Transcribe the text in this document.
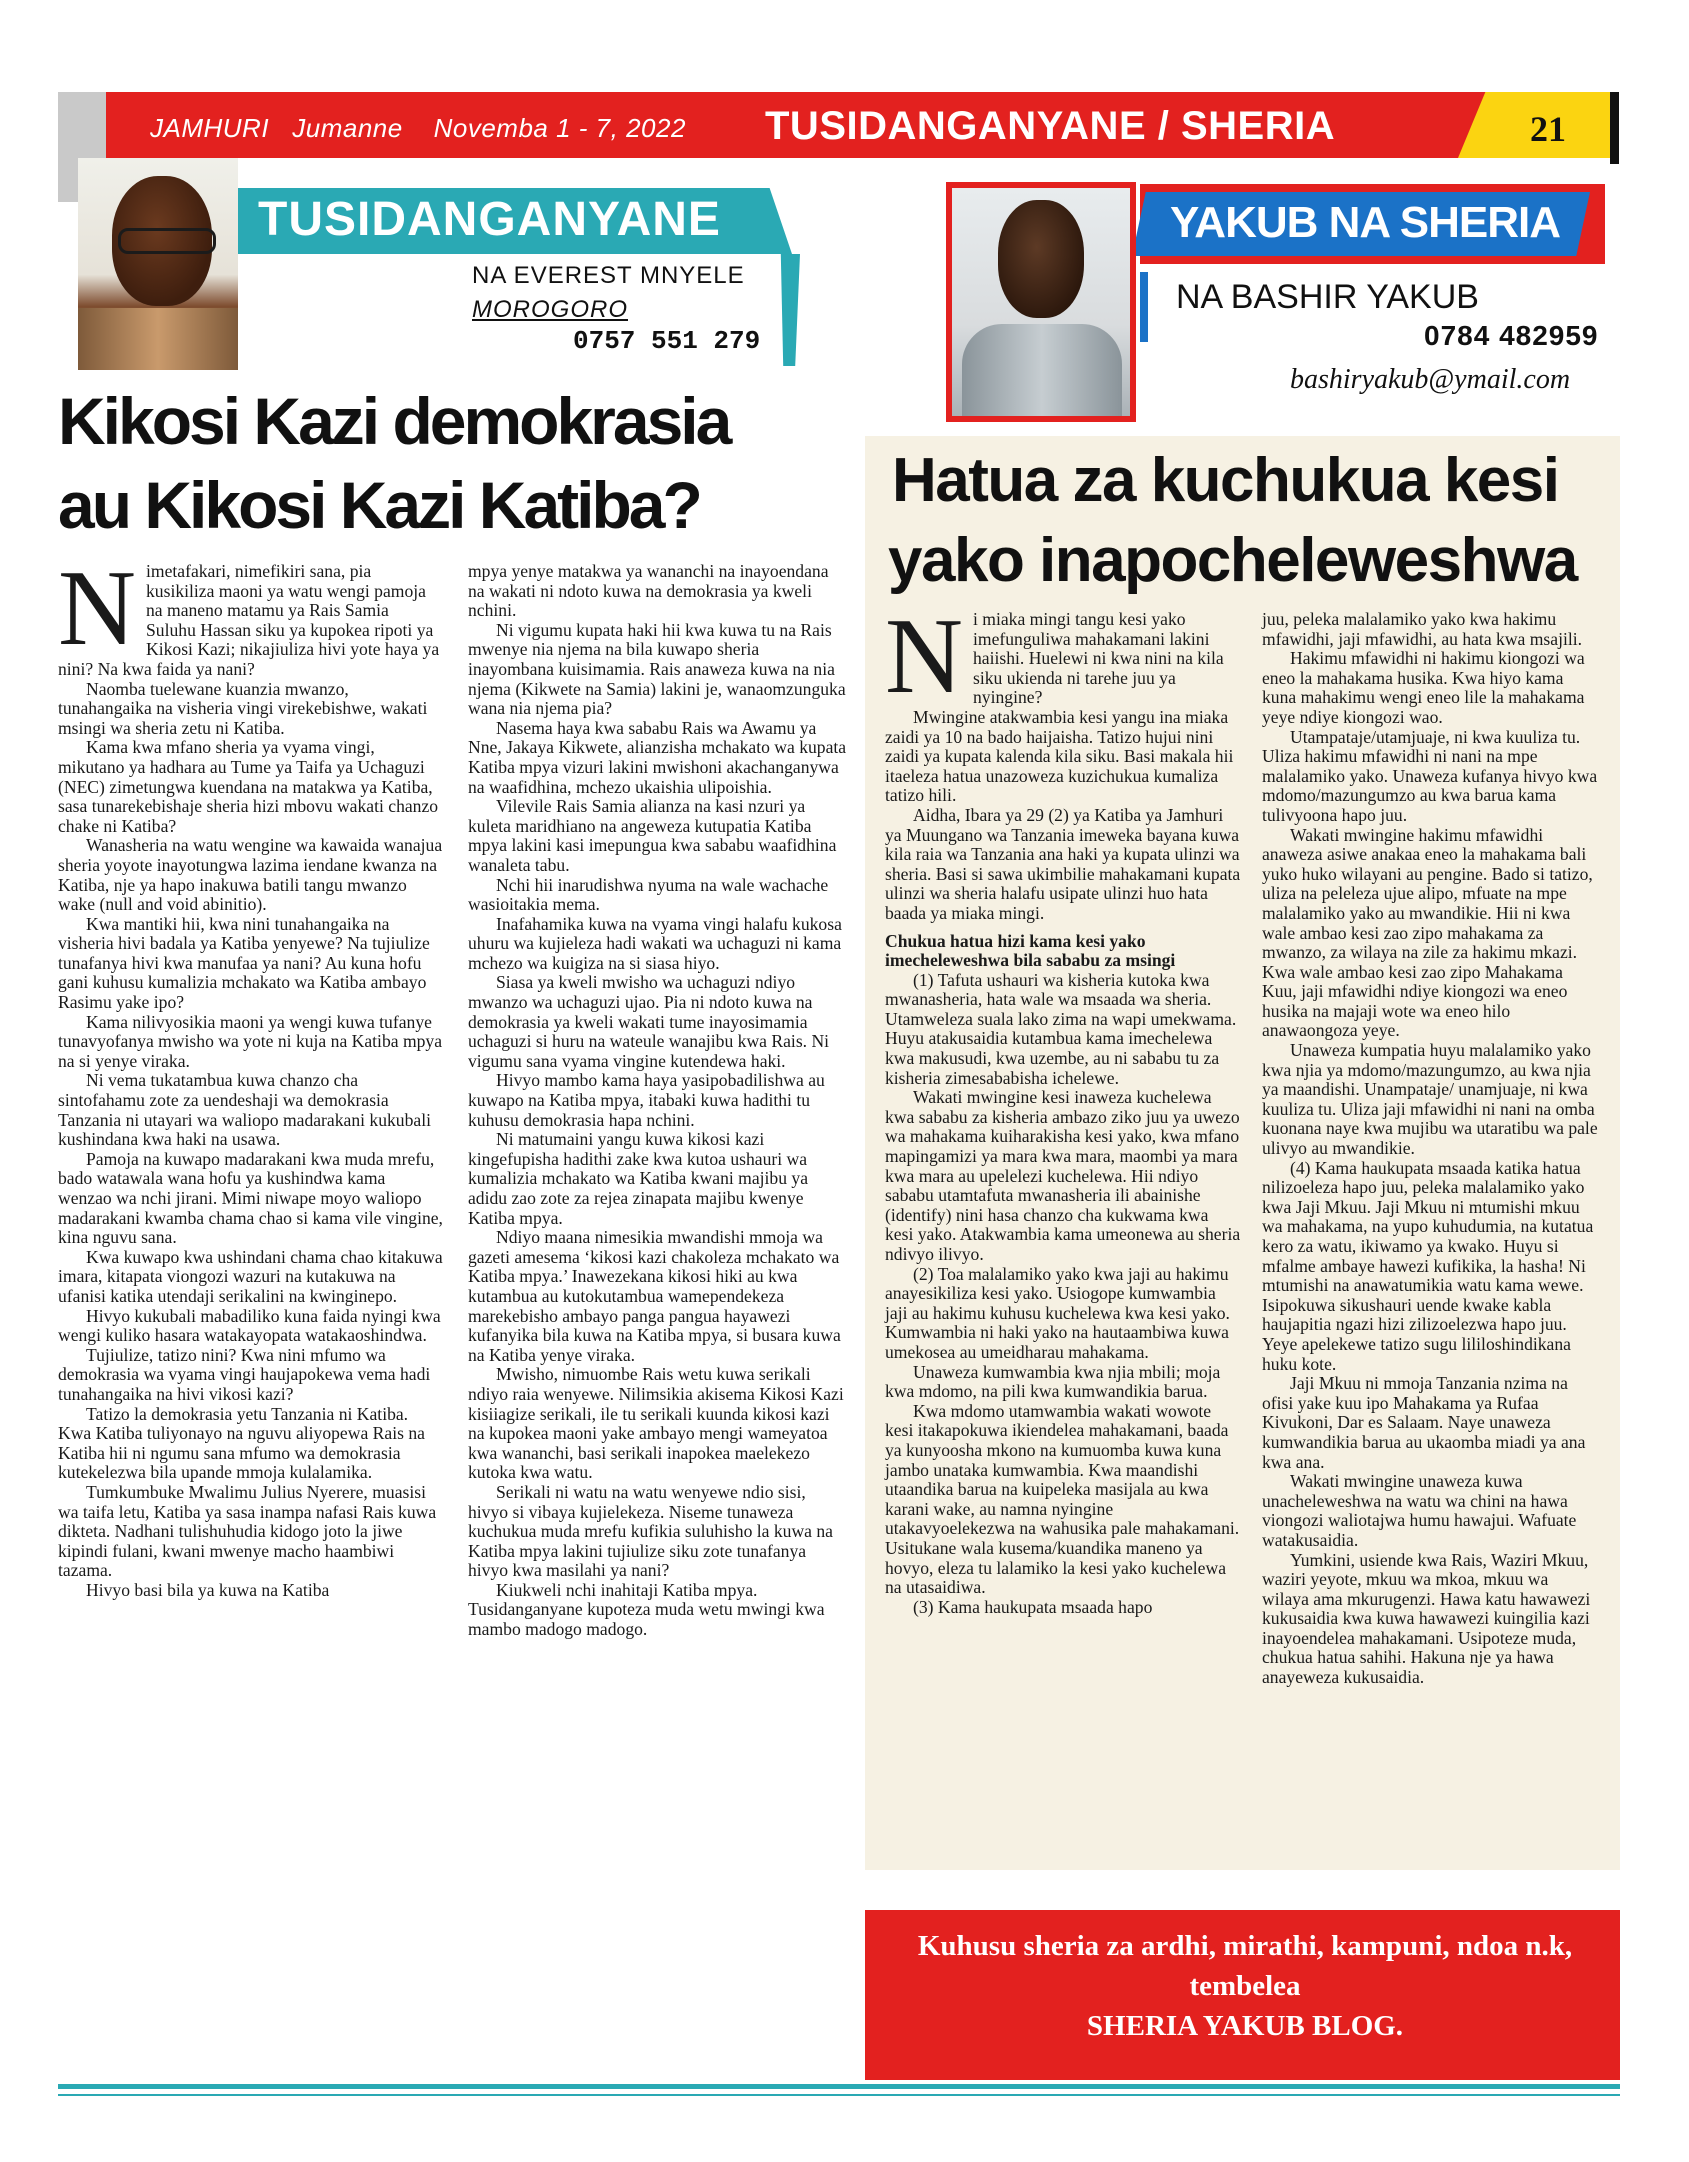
JAMHURI Jumanne Novemba 1 - 7, 2022 TUSIDANGANYANE / SHERIA	21
TUSIDANGANYANE
NA EVEREST MNYELE
MOROGORO
0757 551 279
Kikosi Kazi demokrasia
au Kikosi Kazi Katiba?

Nimetafakari, nimefikiri sana, pia kusikiliza maoni ya watu wengi pamoja na maneno matamu ya Rais Samia Suluhu Hassan siku ya kupokea ripoti ya Kikosi Kazi; nikajiuliza hivi yote haya ya nini? Na kwa faida ya nani?

Naomba tuelewane kuanzia mwanzo, tunahangaika na visheria vingi virekebishwe, wakati msingi wa sheria zetu ni Katiba.

Kama kwa mfano sheria ya vyama vingi, mikutano ya hadhara au Tume ya Taifa ya Uchaguzi (NEC) zimetungwa kuendana na matakwa ya Katiba, sasa tunarekebishaje sheria hizi mbovu wakati chanzo chake ni Katiba?

Wanasheria na watu wengine wa kawaida wanajua sheria yoyote inayotungwa lazima iendane kwanza na Katiba, nje ya hapo inakuwa batili tangu mwanzo wake (null and void abinitio).

Kwa mantiki hii, kwa nini tunahangaika na visheria hivi badala ya Katiba yenyewe? Na tujiulize tunafanya hivi kwa manufaa ya nani? Au kuna hofu gani kuhusu kumalizia mchakato wa Katiba ambayo Rasimu yake ipo?

Kama nilivyosikia maoni ya wengi kuwa tufanye tunavyofanya mwisho wa yote ni kuja na Katiba mpya na si yenye viraka.

Ni vema tukatambua kuwa chanzo cha sintofahamu zote za uendeshaji wa demokrasia Tanzania ni utayari wa waliopo madarakani kukubali kushindana kwa haki na usawa.

Pamoja na kuwapo madarakani kwa muda mrefu, bado watawala wana hofu ya kushindwa kama wenzao wa nchi jirani. Mimi niwape moyo waliopo madarakani kwamba chama chao si kama vile vingine, kina nguvu sana.

Kwa kuwapo kwa ushindani chama chao kitakuwa imara, kitapata viongozi wazuri na kutakuwa na ufanisi katika utendaji serikalini na kwinginepo.

Hivyo kukubali mabadiliko kuna faida nyingi kwa wengi kuliko hasara watakayopata watakaoshindwa.

Tujiulize, tatizo nini? Kwa nini mfumo wa demokrasia wa vyama vingi haujapokewa vema hadi tunahangaika na hivi vikosi kazi?

Tatizo la demokrasia yetu Tanzania ni Katiba. Kwa Katiba tuliyonayo na nguvu aliyopewa Rais na Katiba hii ni ngumu sana mfumo wa demokrasia kutekelezwa bila upande mmoja kulalamika.

Tumkumbuke Mwalimu Julius Nyerere, muasisi wa taifa letu, Katiba ya sasa inampa nafasi Rais kuwa dikteta. Nadhani tulishuhudia kidogo joto la jiwe kipindi fulani, kwani mwenye macho haambiwi tazama.

Hivyo basi bila ya kuwa na Katiba

mpya yenye matakwa ya wananchi na inayoendana na wakati ni ndoto kuwa na demokrasia ya kweli nchini.

Ni vigumu kupata haki hii kwa kuwa tu na Rais mwenye nia njema na bila kuwapo sheria inayombana kuisimamia. Rais anaweza kuwa na nia njema (Kikwete na Samia) lakini je, wanaomzunguka wana nia njema pia?

Nasema haya kwa sababu Rais wa Awamu ya Nne, Jakaya Kikwete, alianzisha mchakato wa kupata Katiba mpya vizuri lakini mwishoni akachanganywa na waafidhina, mchezo ukaishia ulipoishia.

Vilevile Rais Samia alianza na kasi nzuri ya kuleta maridhiano na angeweza kutupatia Katiba mpya lakini kasi imepungua kwa sababu waafidhina wanaleta tabu.

Nchi hii inarudishwa nyuma na wale wachache wasioitakia mema.

Inafahamika kuwa na vyama vingi halafu kukosa uhuru wa kujieleza hadi wakati wa uchaguzi ni kama mchezo wa kuigiza na si siasa hiyo.

Siasa ya kweli mwisho wa uchaguzi ndiyo mwanzo wa uchaguzi ujao. Pia ni ndoto kuwa na demokrasia ya kweli wakati tume inayosimamia uchaguzi si huru na wateule wanajibu kwa Rais. Ni vigumu sana vyama vingine kutendewa haki.

Hivyo mambo kama haya yasipobadilishwa au kuwapo na Katiba mpya, itabaki kuwa hadithi tu kuhusu demokrasia hapa nchini.

Ni matumaini yangu kuwa kikosi kazi kingefupisha hadithi zake kwa kutoa ushauri wa kumalizia mchakato wa Katiba kwani majibu ya adidu zao zote za rejea zinapata majibu kwenye Katiba mpya.

Ndiyo maana nimesikia mwandishi mmoja wa gazeti amesema ‘kikosi kazi chakoleza mchakato wa Katiba mpya.’ Inawezekana kikosi hiki au kwa kutambua au kutokutambua wamependekeza marekebisho ambayo panga pangua hayawezi kufanyika bila kuwa na Katiba mpya, si busara kuwa na Katiba yenye viraka.

Mwisho, nimuombe Rais wetu kuwa serikali ndiyo raia wenyewe. Nilimsikia akisema Kikosi Kazi kisiiagize serikali, ile tu serikali kuunda kikosi kazi na kupokea maoni yake ambayo mengi wameyatoa kwa wananchi, basi serikali inapokea maelekezo kutoka kwa watu.

Serikali ni watu na watu wenyewe ndio sisi, hivyo si vibaya kujielekeza. Niseme tunaweza kuchukua muda mrefu kufikia suluhisho la kuwa na Katiba mpya lakini tujiulize siku zote tunafanya hivyo kwa masilahi ya nani?

Kiukweli nchi inahitaji Katiba mpya. Tusidanganyane kupoteza muda wetu mwingi kwa mambo madogo madogo.

YAKUB NA SHERIA
NA BASHIR YAKUB
0784 482959
bashiryakub@ymail.com
Hatua za kuchukua kesi
yako inapocheleweshwa

Ni miaka mingi tangu kesi yako imefunguliwa mahakamani lakini haiishi. Huelewi ni kwa nini na kila siku ukienda ni tarehe juu ya nyingine?

Mwingine atakwambia kesi yangu ina miaka zaidi ya 10 na bado haijaisha. Tatizo hujui nini zaidi ya kupata kalenda kila siku. Basi makala hii itaeleza hatua unazoweza kuzichukua kumaliza tatizo hili.

Aidha, Ibara ya 29 (2) ya Katiba ya Jamhuri ya Muungano wa Tanzania imeweka bayana kuwa kila raia wa Tanzania ana haki ya kupata ulinzi wa sheria. Basi si sawa ukimbilie mahakamani kupata ulinzi wa sheria halafu usipate ulinzi huo hata baada ya miaka mingi.

Chukua hatua hizi kama kesi yako imecheleweshwa bila sababu za msingi

(1) Tafuta ushauri wa kisheria kutoka kwa mwanasheria, hata wale wa msaada wa sheria. Utamweleza suala lako zima na wapi umekwama. Huyu atakusaidia kutambua kama imechelewa kwa makusudi, kwa uzembe, au ni sababu tu za kisheria zimesababisha ichelewe.

Wakati mwingine kesi inaweza kuchelewa kwa sababu za kisheria ambazo ziko juu ya uwezo wa mahakama kuiharakisha kesi yako, kwa mfano mapingamizi ya mara kwa mara, maombi ya mara kwa mara au upelelezi kuchelewa. Hii ndiyo sababu utamtafuta mwanasheria ili abainishe (identify) nini hasa chanzo cha kukwama kwa kesi yako. Atakwambia kama umeonewa au sheria ndivyo ilivyo.

(2) Toa malalamiko yako kwa jaji au hakimu anayesikiliza kesi yako. Usiogope kumwambia jaji au hakimu kuhusu kuchelewa kwa kesi yako. Kumwambia ni haki yako na hautaambiwa kuwa umekosea au umeidharau mahakama.

Unaweza kumwambia kwa njia mbili; moja kwa mdomo, na pili kwa kumwandikia barua.

Kwa mdomo utamwambia wakati wowote kesi itakapokuwa ikiendelea mahakamani, baada ya kunyoosha mkono na kumuomba kuwa kuna jambo unataka kumwambia. Kwa maandishi utaandika barua na kuipeleka masijala au kwa karani wake, au namna nyingine utakavyoelekezwa na wahusika pale mahakamani. Usitukane wala kusema/kuandika maneno ya hovyo, eleza tu lalamiko la kesi yako kuchelewa na utasaidiwa.

(3) Kama haukupata msaada hapo

juu, peleka malalamiko yako kwa hakimu mfawidhi, jaji mfawidhi, au hata kwa msajili.

Hakimu mfawidhi ni hakimu kiongozi wa eneo la mahakama husika. Kwa hiyo kama kuna mahakimu wengi eneo lile la mahakama yeye ndiye kiongozi wao.

Utampataje/utamjuaje, ni kwa kuuliza tu. Uliza hakimu mfawidhi ni nani na mpe malalamiko yako. Unaweza kufanya hivyo kwa mdomo/mazungumzo au kwa barua kama tulivyoona hapo juu.

Wakati mwingine hakimu mfawidhi anaweza asiwe anakaa eneo la mahakama bali yuko huko wilayani au pengine. Bado si tatizo, uliza na peleleza ujue alipo, mfuate na mpe malalamiko yako au mwandikie. Hii ni kwa wale ambao kesi zao zipo mahakama za mwanzo, za wilaya na zile za hakimu mkazi. Kwa wale ambao kesi zao zipo Mahakama Kuu, jaji mfawidhi ndiye kiongozi wa eneo husika na majaji wote wa eneo hilo anawaongoza yeye.

Unaweza kumpatia huyu malalamiko yako kwa njia ya mdomo/mazungumzo, au kwa njia ya maandishi. Unampataje/ unamjuaje, ni kwa kuuliza tu. Uliza jaji mfawidhi ni nani na omba kuonana naye kwa mujibu wa utaratibu wa pale ulivyo au mwandikie.

(4) Kama haukupata msaada katika hatua nilizoeleza hapo juu, peleka malalamiko yako kwa Jaji Mkuu. Jaji Mkuu ni mtumishi mkuu wa mahakama, na yupo kuhudumia, na kutatua kero za watu, ikiwamo ya kwako. Huyu si mfalme ambaye hawezi kufikika, la hasha! Ni mtumishi na anawatumikia watu kama wewe. Isipokuwa sikushauri uende kwake kabla haujapitia ngazi hizi zilizoelezwa hapo juu. Yeye apelekewe tatizo sugu lililoshindikana huku kote.

Jaji Mkuu ni mmoja Tanzania nzima na ofisi yake kuu ipo Mahakama ya Rufaa Kivukoni, Dar es Salaam. Naye unaweza kumwandikia barua au ukaomba miadi ya ana kwa ana.

Wakati mwingine unaweza kuwa unacheleweshwa na watu wa chini na hawa viongozi waliotajwa humu hawajui. Wafuate watakusaidia.

Yumkini, usiende kwa Rais, Waziri Mkuu, waziri yeyote, mkuu wa mkoa, mkuu wa wilaya ama mkurugenzi. Hawa katu hawawezi kukusaidia kwa kuwa hawawezi kuingilia kazi inayoendelea mahakamani. Usipoteze muda, chukua hatua sahihi. Hakuna nje ya hawa anayeweza kukusaidia.

Kuhusu sheria za ardhi, mirathi, kampuni, ndoa n.k,
tembelea
SHERIA YAKUB BLOG.
